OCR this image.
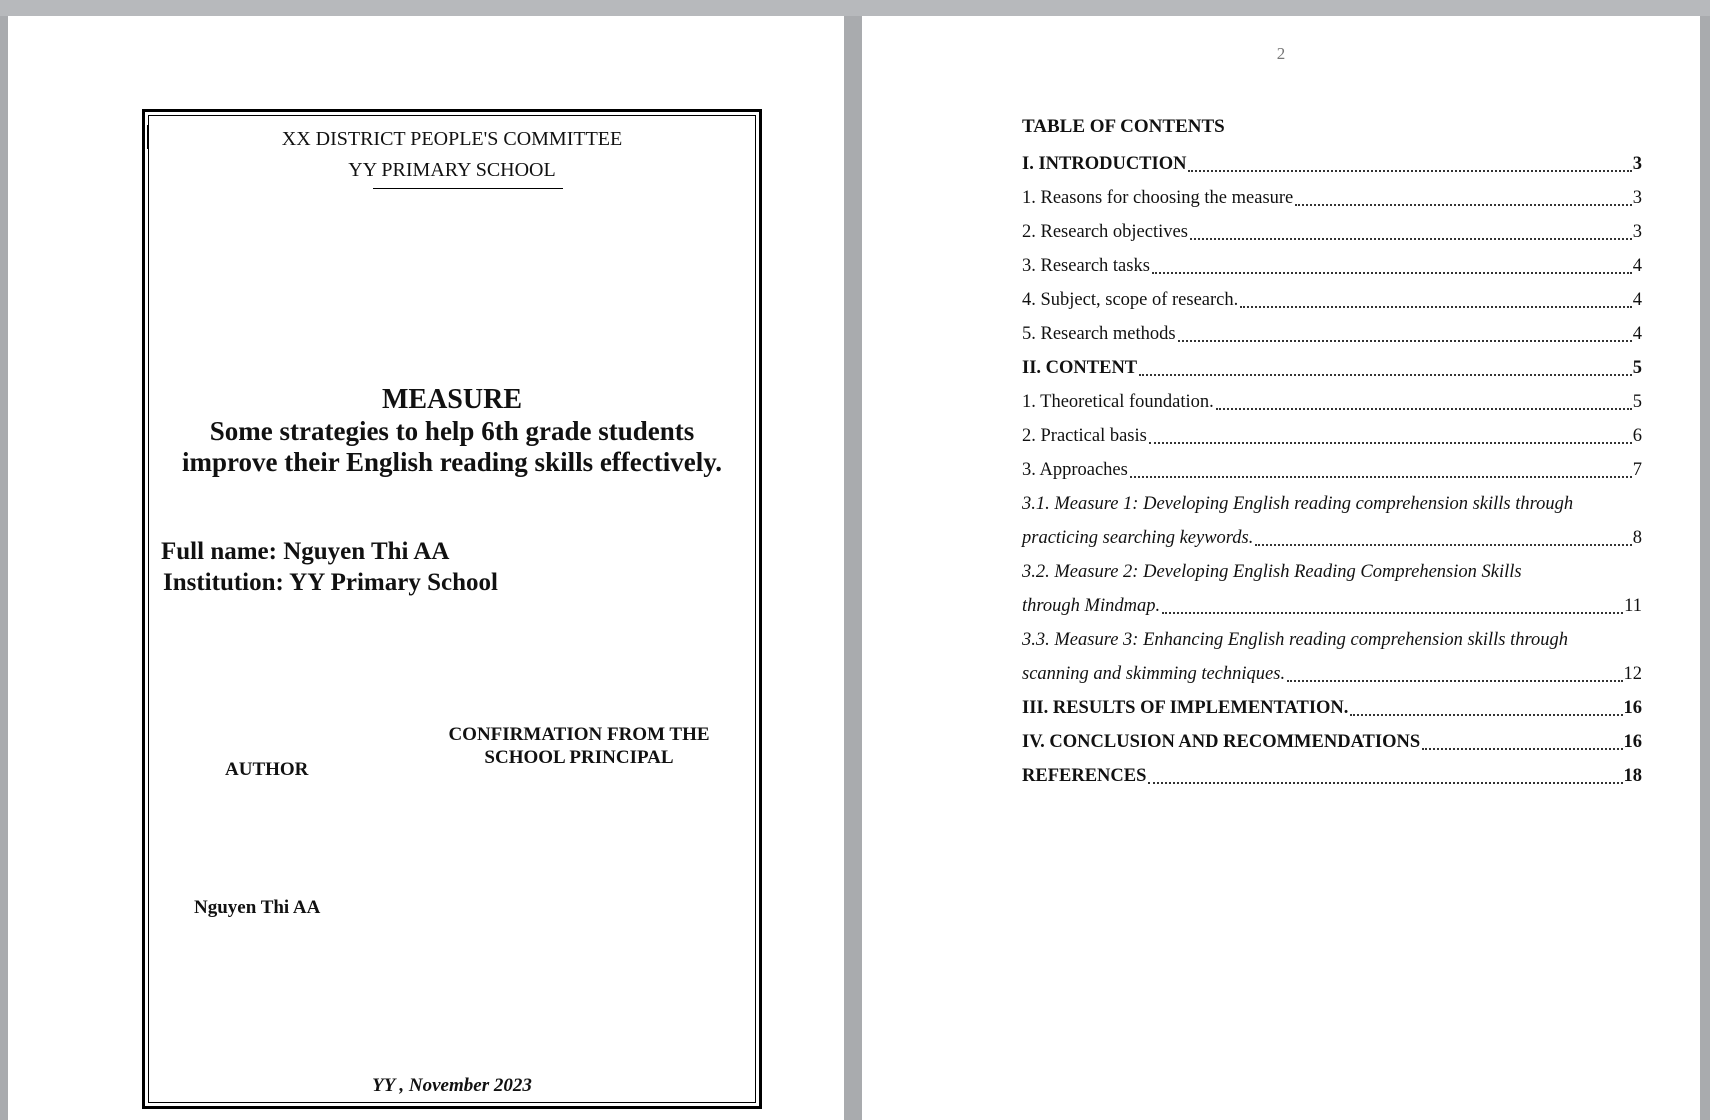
XX DISTRICT PEOPLE'S COMMITTEE
YY PRIMARY SCHOOL
MEASURE
Some strategies to help 6th grade students
improve their English reading skills effectively.
Full name: Nguyen Thi AA
Institution: YY Primary School
AUTHOR
CONFIRMATION FROM THE
SCHOOL PRINCIPAL
Nguyen Thi AA
YY , November 2023
2
TABLE OF CONTENTS
I. INTRODUCTION	3
1. Reasons for choosing the measure	3
2. Research objectives	3
3. Research tasks	4
4. Subject, scope of research.	4
5. Research methods	4
II. CONTENT	5
1. Theoretical foundation.	5
2. Practical basis	6
3. Approaches	7
3.1. Measure 1: Developing English reading comprehension skills through
practicing searching keywords.	8
3.2. Measure 2: Developing English Reading Comprehension Skills
through Mindmap.	11
3.3. Measure 3: Enhancing English reading comprehension skills through
scanning and skimming techniques.	12
III. RESULTS OF IMPLEMENTATION.	16
IV. CONCLUSION AND RECOMMENDATIONS	16
REFERENCES	18
